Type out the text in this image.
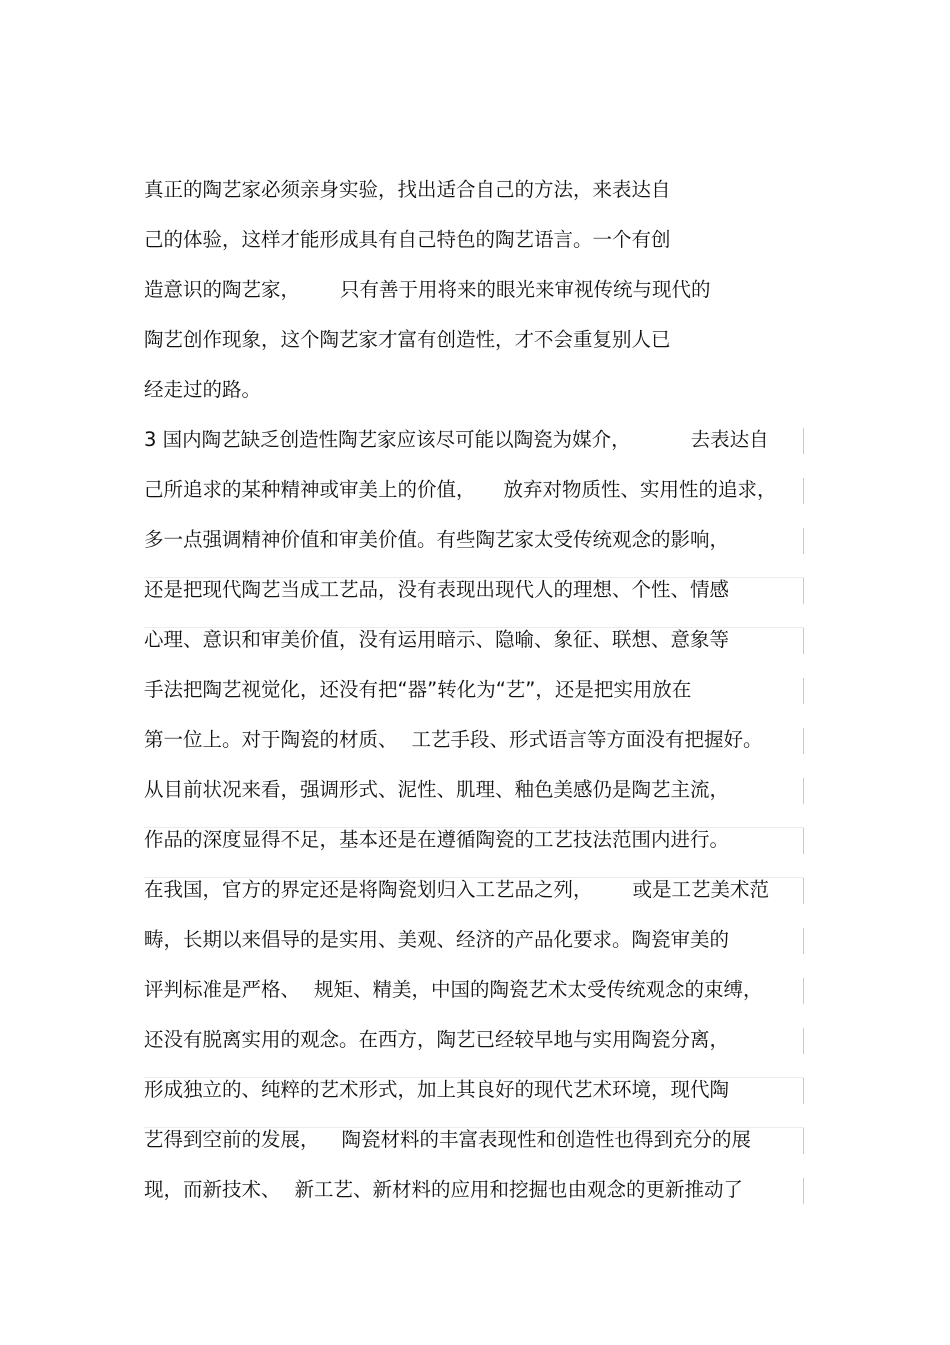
真正的陶艺家必须亲身实验，找出适合自己的方法，来表达自
己的体验，这样才能形成具有自己特色的陶艺语言。一个有创
造意识的陶艺家， 只有善于用将来的眼光来审视传统与现代的
陶艺创作现象，这个陶艺家才富有创造性，才不会重复别人已
经走过的路。
3 国内陶艺缺乏创造性陶艺家应该尽可能以陶瓷为媒介，	去表达自
己所追求的某种精神或审美上的价值， 放弃对物质性、实用性的追求，
多一点强调精神价值和审美价值。有些陶艺家太受传统观念的影响，
还是把现代陶艺当成工艺品，没有表现出现代人的理想、个性、情感
心理、意识和审美价值，没有运用暗示、隐喻、象征、联想、意象等
手法把陶艺视觉化，还没有把“器”转化为“艺”，还是把实用放在
第一位上。对于陶瓷的材质、 工艺手段、形式语言等方面没有把握好。
从目前状况来看，强调形式、泥性、肌理、釉色美感仍是陶艺主流，
作品的深度显得不足，基本还是在遵循陶瓷的工艺技法范围内进行。
在我国，官方的界定还是将陶瓷划归入工艺品之列， 或是工艺美术范
畴，长期以来倡导的是实用、美观、经济的产品化要求。陶瓷审美的
评判标准是严格、 规矩、精美，中国的陶瓷艺术太受传统观念的束缚，
还没有脱离实用的观念。在西方，陶艺已经较早地与实用陶瓷分离，
形成独立的、纯粹的艺术形式，加上其良好的现代艺术环境，现代陶
艺得到空前的发展， 陶瓷材料的丰富表现性和创造性也得到充分的展
现，而新技术、 新工艺、新材料的应用和挖掘也由观念的更新推动了
